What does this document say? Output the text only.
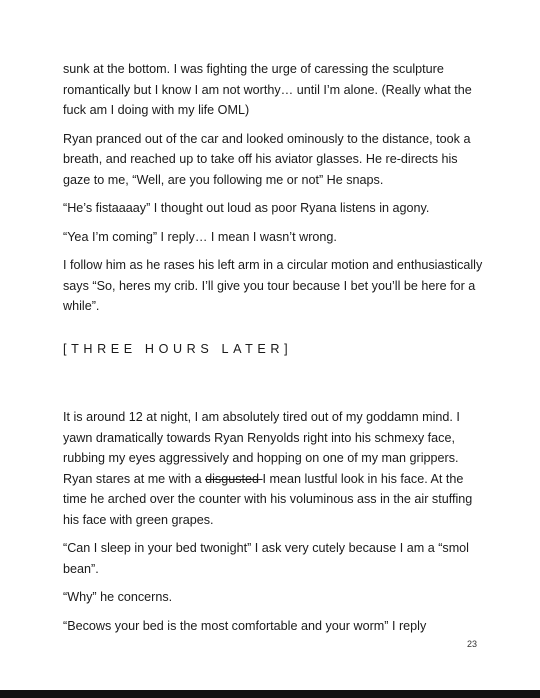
sunk at the bottom. I was fighting the urge of caressing the sculpture romantically but I know I am not worthy… until I’m alone. (Really what the fuck am I doing with my life OML)

Ryan pranced out of the car and looked ominously to the distance, took a breath, and reached up to take off his aviator glasses. He re-directs his gaze to me, “Well, are you following me or not” He snaps.

“He’s fistaaaay” I thought out loud as poor Ryana listens in agony.

“Yea I’m coming” I reply… I mean I wasn’t wrong.

I follow him as he rases his left arm in a circular motion and enthusiastically says “So, heres my crib. I’ll give you tour because I bet you’ll be here for a while”.

[THREE HOURS LATER]

It is around 12 at night, I am absolutely tired out of my goddamn mind. I yawn dramatically towards Ryan Renyolds right into his schmexy face, rubbing my eyes aggressively and hopping on one of my man grippers. Ryan stares at me with a disgusted I mean lustful look in his face. At the time he arched over the counter with his voluminous ass in the air stuffing his face with green grapes.

“Can I sleep in your bed twonight” I ask very cutely because I am a “smol bean”.

“Why” he concerns.

“Becows your bed is the most comfortable and your worm” I reply

23
